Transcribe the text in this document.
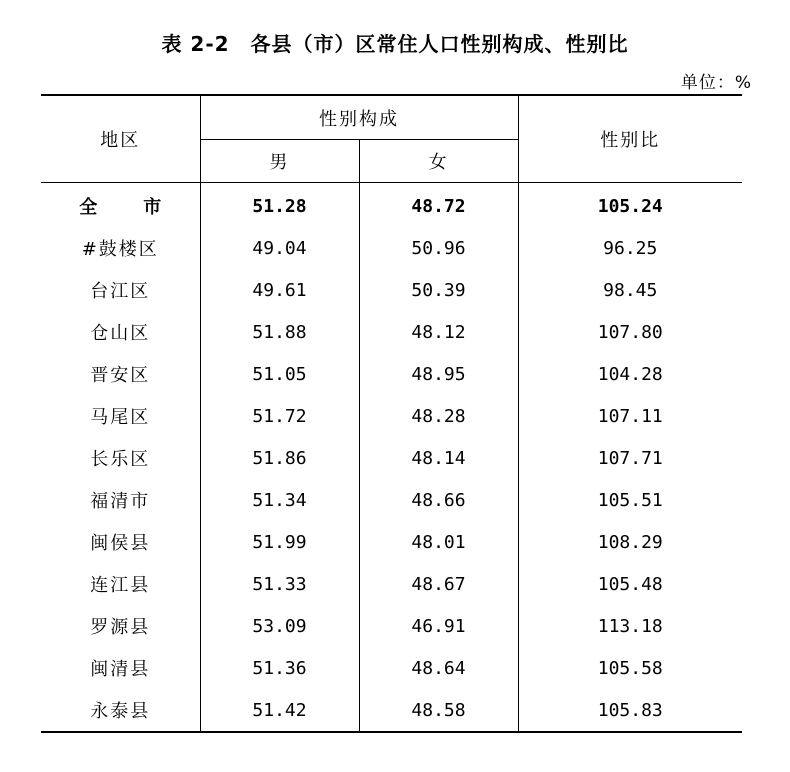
表 2-2　各县（市）区常住人口性别构成、性别比
单位：%
地区	性别构成		性别比
	男	女	
全　市	51.28	48.72	105.24
#鼓楼区	49.04	50.96	96.25
台江区	49.61	50.39	98.45
仓山区	51.88	48.12	107.80
晋安区	51.05	48.95	104.28
马尾区	51.72	48.28	107.11
长乐区	51.86	48.14	107.71
福清市	51.34	48.66	105.51
闽侯县	51.99	48.01	108.29
连江县	51.33	48.67	105.48
罗源县	53.09	46.91	113.18
闽清县	51.36	48.64	105.58
永泰县	51.42	48.58	105.83
